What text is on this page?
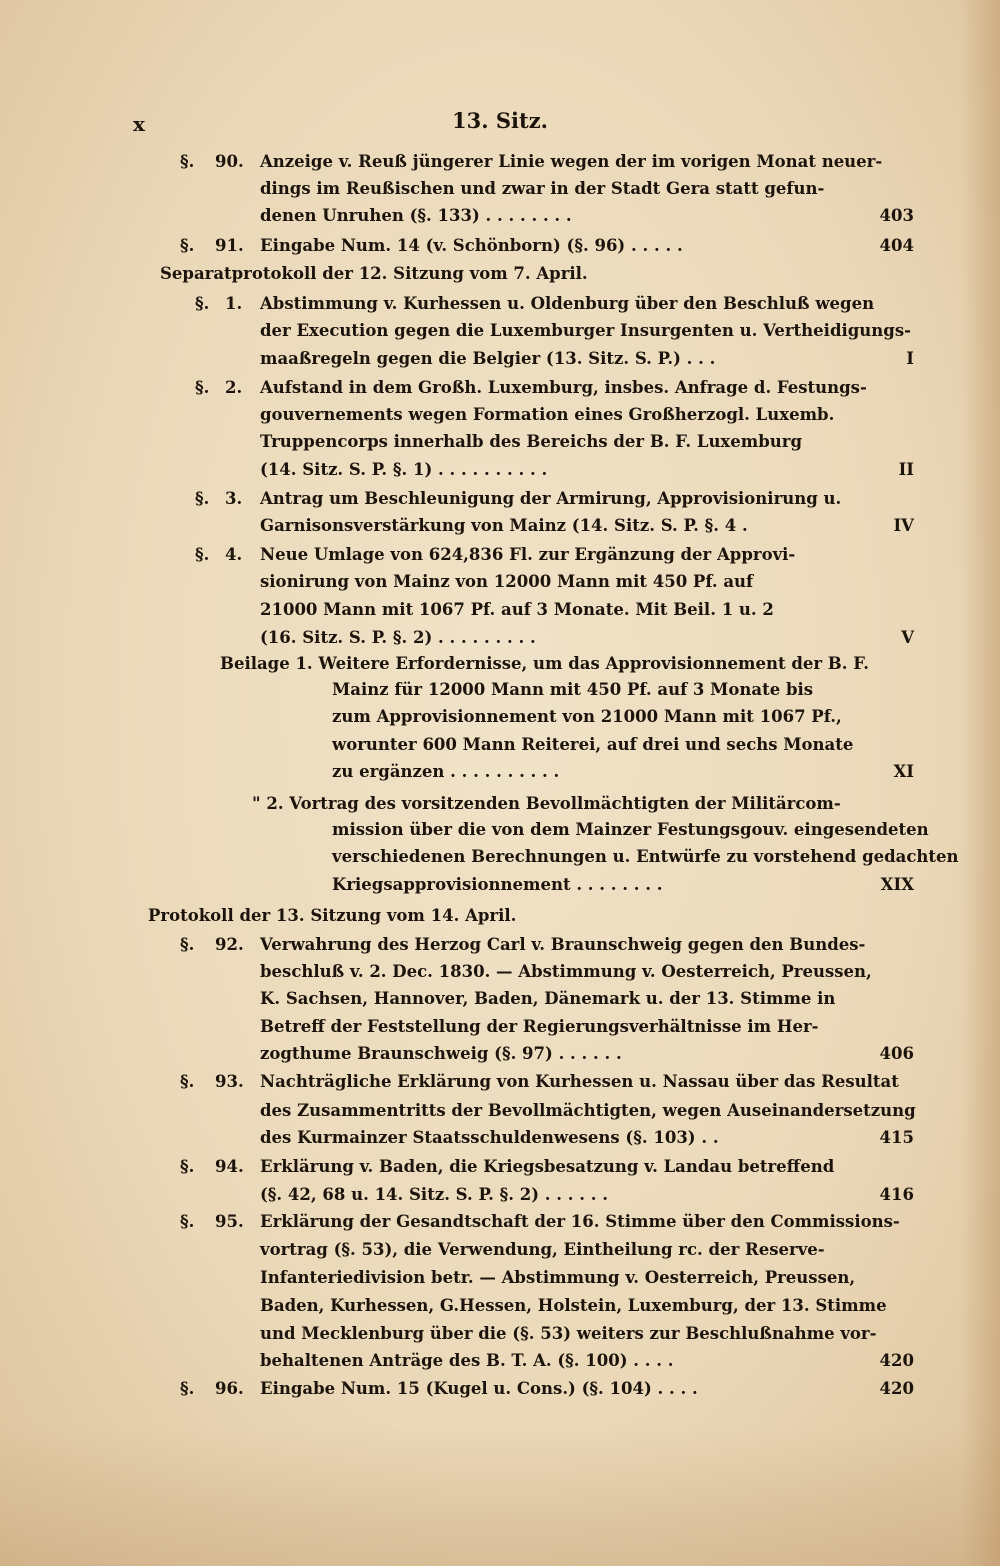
x	13. Sitz.
§. 90. Anzeige v. Reuß jüngerer Linie wegen der im vorigen Monat neuer-
dings im Reußischen und zwar in der Stadt Gera statt gefun-
denen Unruhen (§. 133) . . . . . . . .	403
§. 91. Eingabe Num. 14 (v. Schönborn) (§. 96) . . . . .	404
Separatprotokoll der 12. Sitzung vom 7. April.
§. 1. Abstimmung v. Kurhessen u. Oldenburg über den Beschluß wegen
der Execution gegen die Luxemburger Insurgenten u. Vertheidigungs-
maaßregeln gegen die Belgier (13. Sitz. S. P.) . . .	I
§. 2. Aufstand in dem Großh. Luxemburg, insbes. Anfrage d. Festungs-
gouvernements wegen Formation eines Großherzogl. Luxemb.
Truppencorps innerhalb des Bereichs der B. F. Luxemburg
(14. Sitz. S. P. §. 1) . . . . . . . . . .	II
§. 3. Antrag um Beschleunigung der Armirung, Approvisionirung u.
Garnisonsverstärkung von Mainz (14. Sitz. S. P. §. 4 .	IV
§. 4. Neue Umlage von 624,836 Fl. zur Ergänzung der Approvi-
sionirung von Mainz von 12000 Mann mit 450 Pf. auf
21000 Mann mit 1067 Pf. auf 3 Monate. Mit Beil. 1 u. 2
(16. Sitz. S. P. §. 2) . . . . . . . . .	V
Beilage 1. Weitere Erfordernisse, um das Approvisionnement der B. F.
Mainz für 12000 Mann mit 450 Pf. auf 3 Monate bis
zum Approvisionnement von 21000 Mann mit 1067 Pf.,
worunter 600 Mann Reiterei, auf drei und sechs Monate
zu ergänzen . . . . . . . . . .	XI
" 2. Vortrag des vorsitzenden Bevollmächtigten der Militärcom-
mission über die von dem Mainzer Festungsgouv. eingesendeten
verschiedenen Berechnungen u. Entwürfe zu vorstehend gedachten
Kriegsapprovisionnement . . . . . . . .	XIX
Protokoll der 13. Sitzung vom 14. April.
§. 92. Verwahrung des Herzog Carl v. Braunschweig gegen den Bundes-
beschluß v. 2. Dec. 1830. — Abstimmung v. Oesterreich, Preussen,
K. Sachsen, Hannover, Baden, Dänemark u. der 13. Stimme in
Betreff der Feststellung der Regierungsverhältnisse im Her-
zogthume Braunschweig (§. 97) . . . . . .	406
§. 93. Nachträgliche Erklärung von Kurhessen u. Nassau über das Resultat
des Zusammentritts der Bevollmächtigten, wegen Auseinandersetzung
des Kurmainzer Staatsschuldenwesens (§. 103) . .	415
§. 94. Erklärung v. Baden, die Kriegsbesatzung v. Landau betreffend
(§. 42, 68 u. 14. Sitz. S. P. §. 2) . . . . . .	416
§. 95. Erklärung der Gesandtschaft der 16. Stimme über den Commissions-
vortrag (§. 53), die Verwendung, Eintheilung rc. der Reserve-
Infanteriedivision betr. — Abstimmung v. Oesterreich, Preussen,
Baden, Kurhessen, G.Hessen, Holstein, Luxemburg, der 13. Stimme
und Mecklenburg über die (§. 53) weiters zur Beschlußnahme vor-
behaltenen Anträge des B. T. A. (§. 100) . . . .	420
§. 96. Eingabe Num. 15 (Kugel u. Cons.) (§. 104) . . . .	420
